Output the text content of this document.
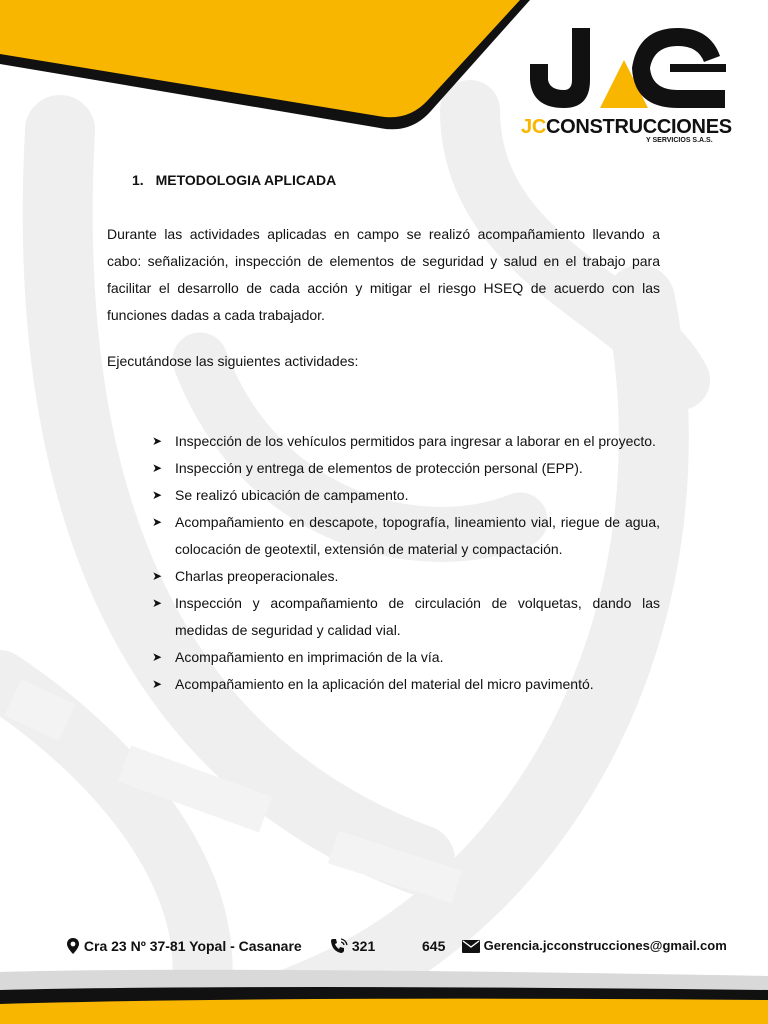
JCCONSTRUCCIONES
Y SERVICIOS S.A.S.
1. METODOLOGIA APLICADA

Durante las actividades aplicadas en campo se realizó acompañamiento llevando a cabo: señalización, inspección de elementos de seguridad y salud en el trabajo para facilitar el desarrollo de cada acción y mitigar el riesgo HSEQ de acuerdo con las funciones dadas a cada trabajador.

Ejecutándose las siguientes actividades:

➤ Inspección de los vehículos permitidos para ingresar a laborar en el proyecto.
➤ Inspección y entrega de elementos de protección personal (EPP).
➤ Se realizó ubicación de campamento.
➤ Acompañamiento en descapote, topografía, lineamiento vial, riegue de agua, colocación de geotextil, extensión de material y compactación.
➤ Charlas preoperacionales.
➤ Inspección y acompañamiento de circulación de volquetas, dando las medidas de seguridad y calidad vial.
➤ Acompañamiento en imprimación de la vía.
➤ Acompañamiento en la aplicación del material del micro pavimentó.
Cra 23 Nº 37-81 Yopal - Casanare	321	645	Gerencia.jcconstrucciones@gmail.com
